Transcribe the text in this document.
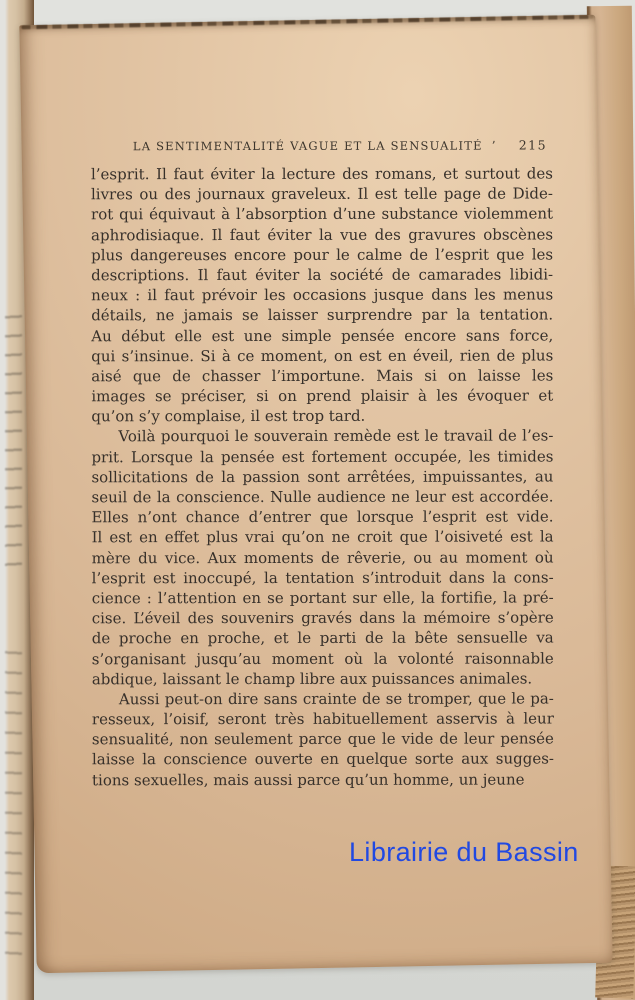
LA SENTIMENTALITÉ VAGUE ET LA SENSUALITÉ ’ 215
l’esprit. Il faut éviter la lecture des romans, et surtout des
livres ou des journaux graveleux. Il est telle page de Dide-
rot qui équivaut à l’absorption d’une substance violemment
aphrodisiaque. Il faut éviter la vue des gravures obscènes
plus dangereuses encore pour le calme de l’esprit que les
descriptions. Il faut éviter la société de camarades libidi-
neux : il faut prévoir les occasions jusque dans les menus
détails, ne jamais se laisser surprendre par la tentation.
Au début elle est une simple pensée encore sans force,
qui s’insinue. Si à ce moment, on est en éveil, rien de plus
aisé que de chasser l’importune. Mais si on laisse les
images se préciser, si on prend plaisir à les évoquer et
qu’on s’y complaise, il est trop tard.
Voilà pourquoi le souverain remède est le travail de l’es-
prit. Lorsque la pensée est fortement occupée, les timides
sollicitations de la passion sont arrêtées, impuissantes, au
seuil de la conscience. Nulle audience ne leur est accordée.
Elles n’ont chance d’entrer que lorsque l’esprit est vide.
Il est en effet plus vrai qu’on ne croit que l’oisiveté est la
mère du vice. Aux moments de rêverie, ou au moment où
l’esprit est inoccupé, la tentation s’introduit dans la cons-
cience : l’attention en se portant sur elle, la fortifie, la pré-
cise. L’éveil des souvenirs gravés dans la mémoire s’opère
de proche en proche, et le parti de la bête sensuelle va
s’organisant jusqu’au moment où la volonté raisonnable
abdique, laissant le champ libre aux puissances animales.
Aussi peut-on dire sans crainte de se tromper, que le pa-
resseux, l’oisif, seront très habituellement asservis à leur
sensualité, non seulement parce que le vide de leur pensée
laisse la conscience ouverte en quelque sorte aux sugges-
tions sexuelles, mais aussi parce qu’un homme, un jeune
Librairie du Bassin
